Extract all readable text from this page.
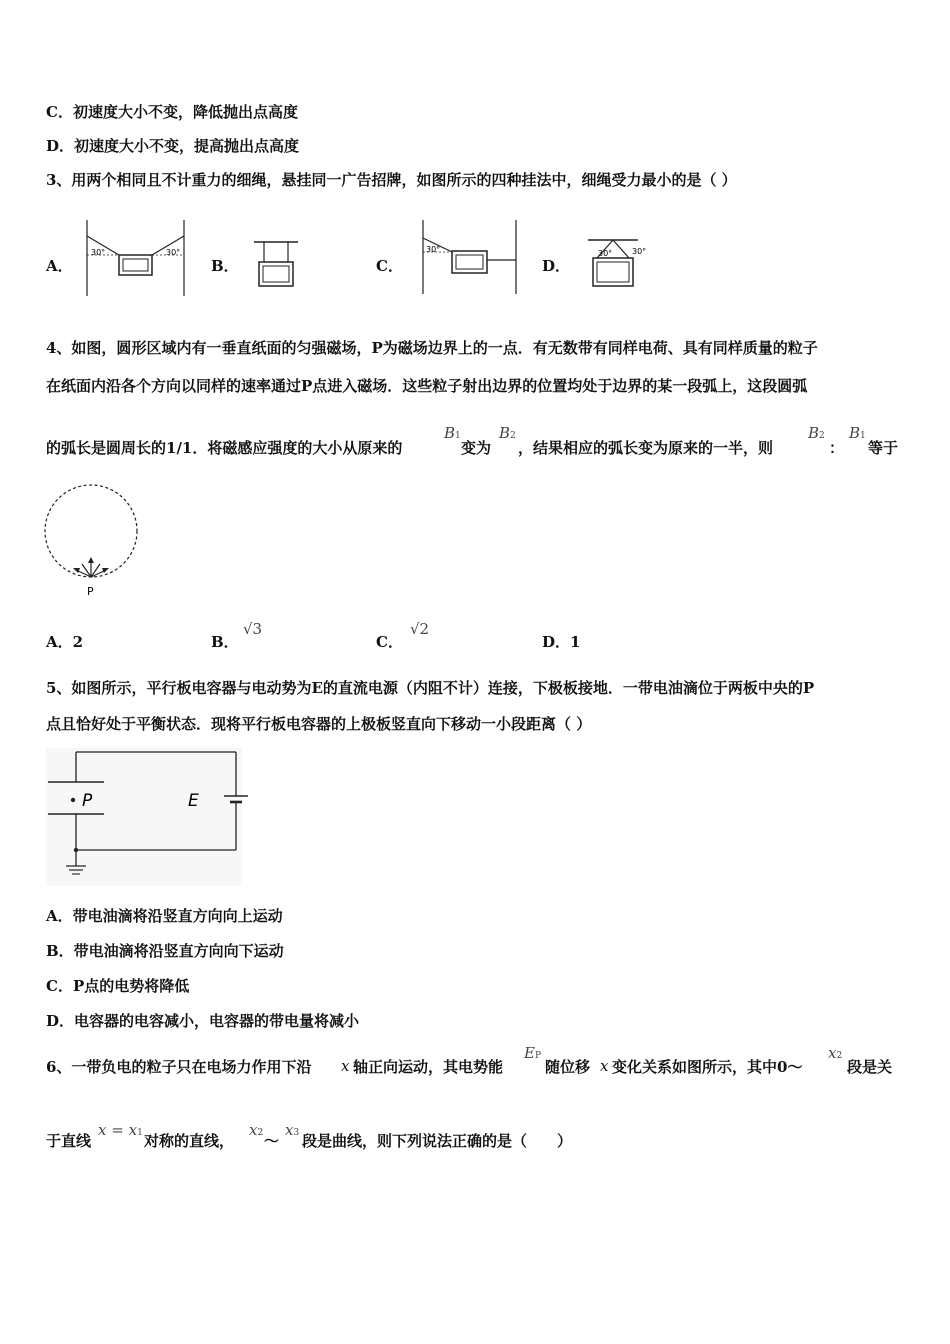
C．初速度大小不变，降低抛出点高度
D．初速度大小不变，提高抛出点高度
3、用两个相同且不计重力的细绳，悬挂同一广告招牌，如图所示的四种挂法中，细绳受力最小的是（ ）
A．
30°	30°
B．	C．
30°
D．
30°
30°
4、如图，圆形区域内有一垂直纸面的匀强磁场，P为磁场边界上的一点．有无数带有同样电荷、具有同样质量的粒子
在纸面内沿各个方向以同样的速率通过P点进入磁场．这些粒子射出边界的位置均处于边界的某一段弧上，这段圆弧
的弧长是圆周长的1/1．将磁感应强度的大小从原来的
B1
变为
B2
，结果相应的弧长变为原来的一半，则
B2
：
B1
等于
P
A．2	B．
√3
C．
√2
D．1
5、如图所示，平行板电容器与电动势为E的直流电源（内阻不计）连接，下极板接地．一带电油滴位于两板中央的P
点且恰好处于平衡状态．现将平行板电容器的上极板竖直向下移动一小段距离（ ）
P	E
A．带电油滴将沿竖直方向向上运动
B．带电油滴将沿竖直方向向下运动
C．P点的电势将降低
D．电容器的电容减小，电容器的带电量将减小
6、一带负电的粒子只在电场力作用下沿 x 轴正向运动，其电势能
EP
随位移 x 变化关系如图所示，其中0～
x2
段是关
于直线
x = x1 对称的直线，
x2 ～
x3 段是曲线，则下列说法正确的是（　　）
